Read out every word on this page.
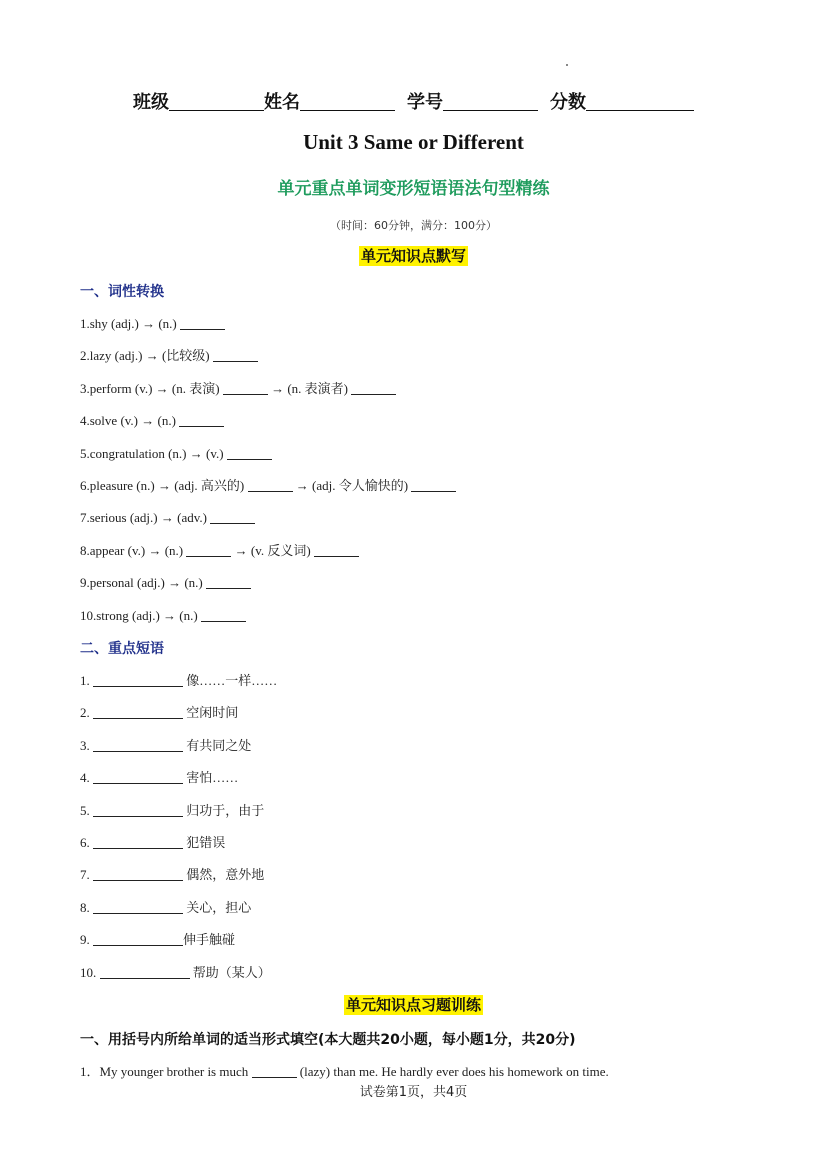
班级	姓名	学号	分数
Unit 3 Same or Different
单元重点单词变形短语语法句型精练
（时间：60分钟，满分：100分）
单元知识点默写
一、词性转换
1.shy (adj.) → (n.)
2.lazy (adj.) → (比较级)
3.perform (v.) → (n. 表演)	→ (n. 表演者)
4.solve (v.) → (n.)
5.congratulation (n.) → (v.)
6.pleasure (n.) → (adj. 高兴的)	→ (adj. 令人愉快的)
7.serious (adj.) → (adv.)
8.appear (v.) → (n.)	→ (v. 反义词)
9.personal (adj.) → (n.)
10.strong (adj.) → (n.)
二、重点短语
1.	像……一样……
2.	空闲时间
3.	有共同之处
4.	害怕……
5.	归功于，由于
6.	犯错误
7.	偶然，意外地
8.	关心，担心
9.	伸手触碰
10.	帮助（某人）
单元知识点习题训练
一、用括号内所给单词的适当形式填空(本大题共20小题，每小题1分，共20分)
1．My younger brother is much	(lazy) than me. He hardly ever does his homework on time.
试卷第1页，共4页
